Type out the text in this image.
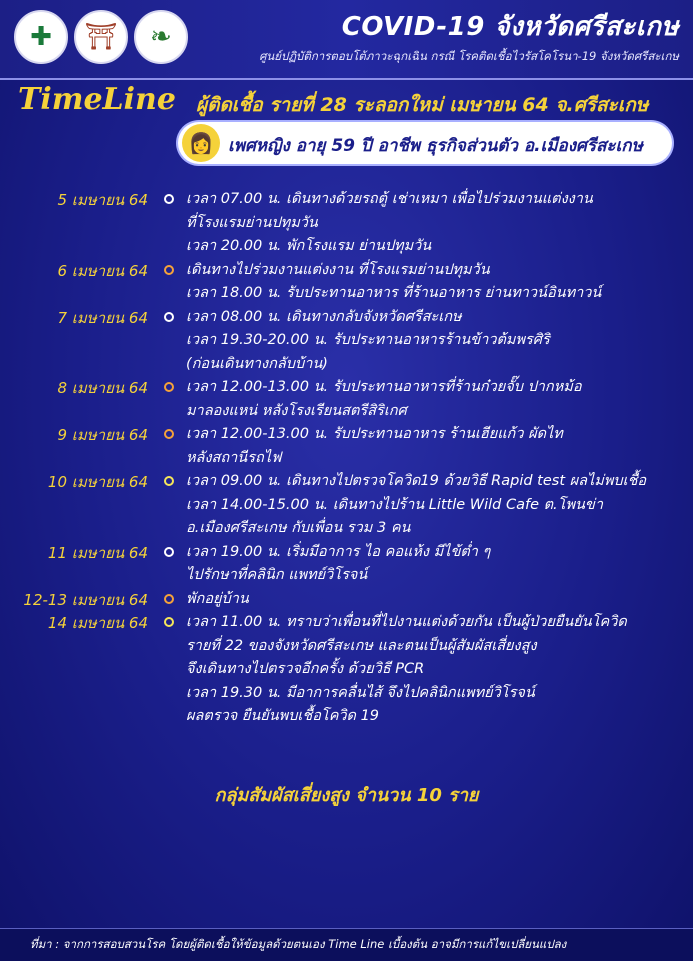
✚	⛩	❧	COVID-19 จังหวัดศรีสะเกษ
ศูนย์ปฏิบัติการตอบโต้ภาวะฉุกเฉิน กรณี โรคติดเชื้อไวรัสโคโรนา-19 จังหวัดศรีสะเกษ
TimeLine ผู้ติดเชื้อ รายที่ 28 ระลอกใหม่ เมษายน 64 จ.ศรีสะเกษ
👩 เพศหญิง อายุ 59 ปี อาชีพ ธุรกิจส่วนตัว อ.เมืองศรีสะเกษ
5 เมษายน 64	เวลา 07.00 น. เดินทางด้วยรถตู้ เช่าเหมา เพื่อไปร่วมงานแต่งงาน
ที่โรงแรมย่านปทุมวัน
เวลา 20.00 น. พักโรงแรม ย่านปทุมวัน
6 เมษายน 64	เดินทางไปร่วมงานแต่งงาน ที่โรงแรมย่านปทุมวัน
เวลา 18.00 น. รับประทานอาหาร ที่ร้านอาหาร ย่านทาวน์อินทาวน์
7 เมษายน 64	เวลา 08.00 น. เดินทางกลับจังหวัดศรีสะเกษ
เวลา 19.30-20.00 น. รับประทานอาหารร้านข้าวต้มพรศิริ
(ก่อนเดินทางกลับบ้าน)
8 เมษายน 64	เวลา 12.00-13.00 น. รับประทานอาหารที่ร้านก๋วยจั๊บ ปากหม้อ
มาลองแหน่ หลังโรงเรียนสตรีสิริเกศ
9 เมษายน 64	เวลา 12.00-13.00 น. รับประทานอาหาร ร้านเฮียแก้ว ผัดไท
หลังสถานีรถไฟ
10 เมษายน 64	เวลา 09.00 น. เดินทางไปตรวจโควิด19 ด้วยวิธี Rapid test ผลไม่พบเชื้อ
เวลา 14.00-15.00 น. เดินทางไปร้าน Little Wild Cafe ต.โพนข่า
อ.เมืองศรีสะเกษ กับเพื่อน รวม 3 คน
11 เมษายน 64	เวลา 19.00 น. เริ่มมีอาการ ไอ คอแห้ง มีไข้ต่ำ ๆ
ไปรักษาที่คลินิก แพทย์วิโรจน์
12-13 เมษายน 64	พักอยู่บ้าน
14 เมษายน 64	เวลา 11.00 น. ทราบว่าเพื่อนที่ไปงานแต่งด้วยกัน เป็นผู้ป่วยยืนยันโควิด
รายที่ 22 ของจังหวัดศรีสะเกษ และตนเป็นผู้สัมผัสเสี่ยงสูง
จึงเดินทางไปตรวจอีกครั้ง ด้วยวิธี PCR
เวลา 19.30 น. มีอาการคลื่นไส้ จึงไปคลินิกแพทย์วิโรจน์
ผลตรวจ ยืนยันพบเชื้อโควิด 19
กลุ่มสัมผัสเสี่ยงสูง จำนวน 10 ราย
ที่มา : จากการสอบสวนโรค โดยผู้ติดเชื้อให้ข้อมูลด้วยตนเอง Time Line เบื้องต้น อาจมีการแก้ไขเปลี่ยนแปลง
